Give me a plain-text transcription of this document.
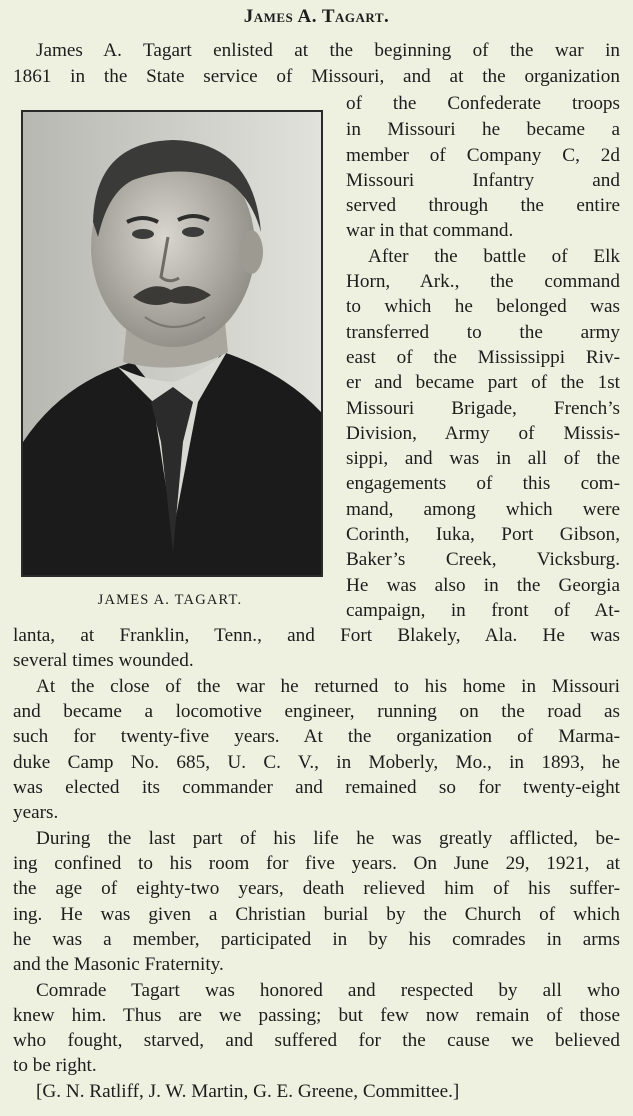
James A. Tagart.
JAMES A. TAGART.
James A. Tagart enlisted at the beginning of the war in
1861 in the State service of Missouri, and at the organization
of the Confederate troops
in Missouri he became a
member of Company C, 2d
Missouri Infantry and
served through the entire
war in that command.
After the battle of Elk
Horn, Ark., the command
to which he belonged was
transferred to the army
east of the Mississippi Riv-
er and became part of the 1st
Missouri Brigade, French’s
Division, Army of Missis-
sippi, and was in all of the
engagements of this com-
mand, among which were
Corinth, Iuka, Port Gibson,
Baker’s Creek, Vicksburg.
He was also in the Georgia
campaign, in front of At-
lanta, at Franklin, Tenn., and Fort Blakely, Ala. He was
several times wounded.
At the close of the war he returned to his home in Missouri
and became a locomotive engineer, running on the road as
such for twenty-five years. At the organization of Marma-
duke Camp No. 685, U. C. V., in Moberly, Mo., in 1893, he
was elected its commander and remained so for twenty-eight
years.
During the last part of his life he was greatly afflicted, be-
ing confined to his room for five years. On June 29, 1921, at
the age of eighty-two years, death relieved him of his suffer-
ing. He was given a Christian burial by the Church of which
he was a member, participated in by his comrades in arms
and the Masonic Fraternity.
Comrade Tagart was honored and respected by all who
knew him. Thus are we passing; but few now remain of those
who fought, starved, and suffered for the cause we believed
to be right.
[G. N. Ratliff, J. W. Martin, G. E. Greene, Committee.]
